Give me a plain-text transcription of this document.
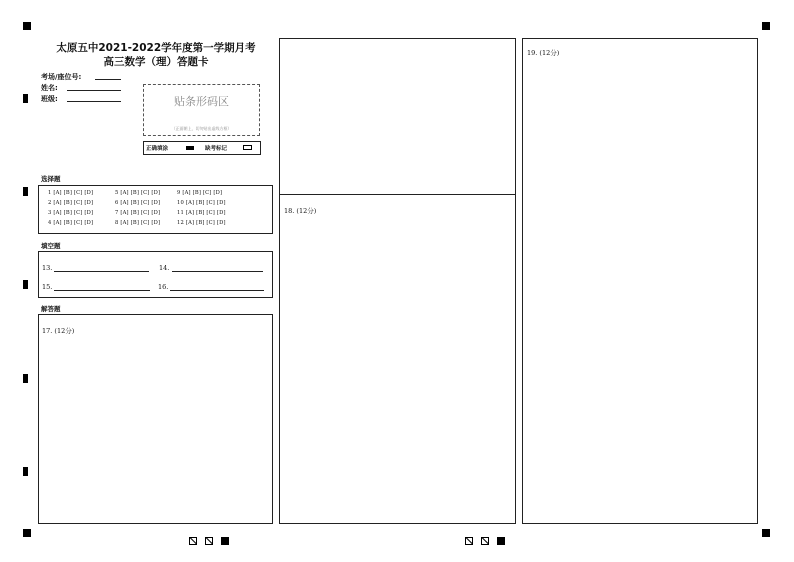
太原五中2021-2022学年度第一学期月考
高三数学（理）答题卡
考场/座位号:
姓名:
班级:	贴条形码区
（正面朝上，切勿贴出虚线方框）
正确填涂	缺考标记
选择题
1 [A] [B] [C] [D]
2 [A] [B] [C] [D]
3 [A] [B] [C] [D]
4 [A] [B] [C] [D]
5 [A] [B] [C] [D]
6 [A] [B] [C] [D]
7 [A] [B] [C] [D]
8 [A] [B] [C] [D]
9 [A] [B] [C] [D]
10 [A] [B] [C] [D]
11 [A] [B] [C] [D]
12 [A] [B] [C] [D]
填空题
13.	14.
15.	16.
解答题
17. (12分)
18. (12分)
19. (12分)
